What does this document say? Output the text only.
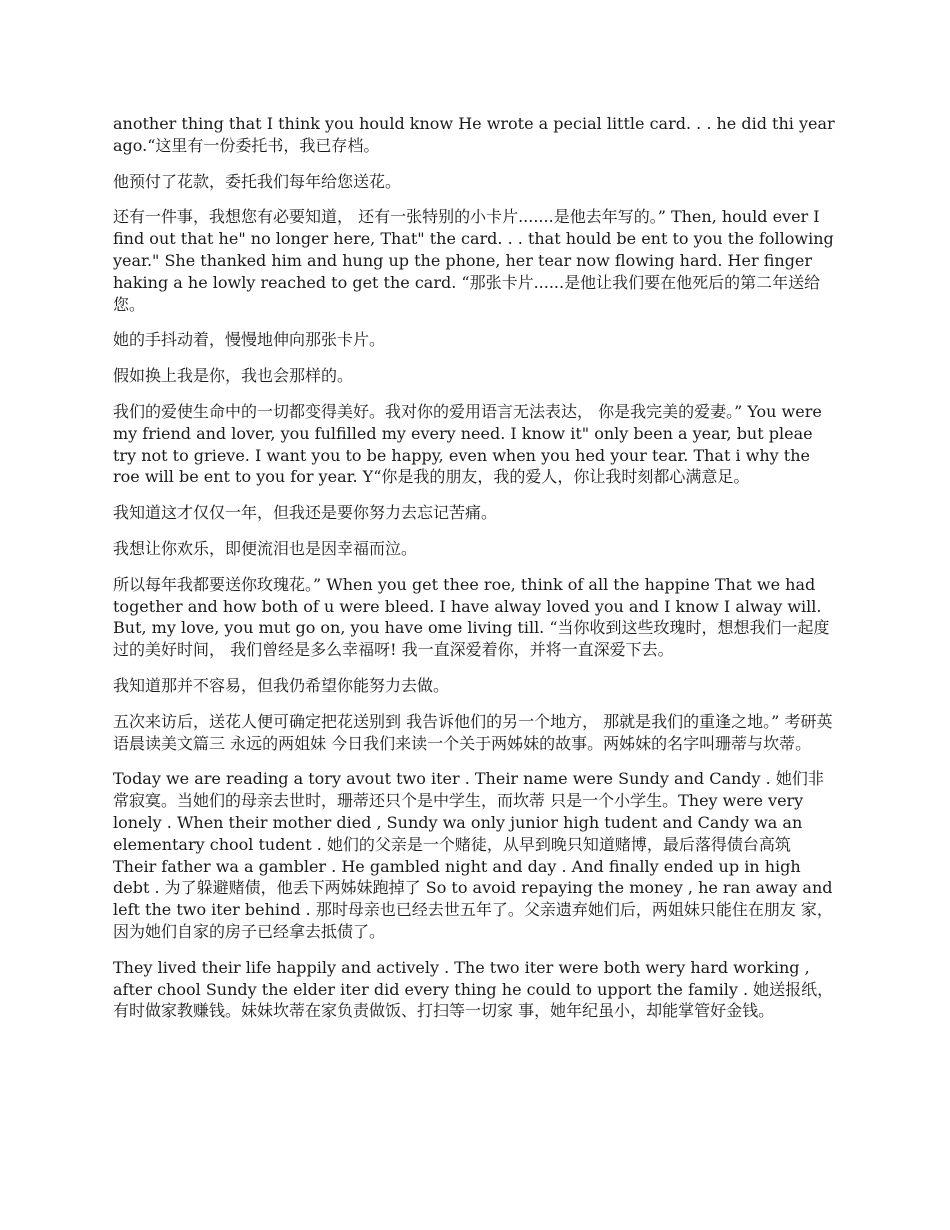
another thing that I think you hould know He wrote a pecial little card. . . he did thi year ago.“这里有一份委托书，我已存档。

他预付了花款，委托我们每年给您送花。

还有一件事，我想您有必要知道， 还有一张特别的小卡片.......是他去年写的。” Then, hould ever I find out that he" no longer here, That" the card. . . that hould be ent to you the following year." She thanked him and hung up the phone, her tear now flowing hard. Her finger haking a he lowly reached to get the card. “那张卡片......是他让我们要在他死后的第二年送给您。

她的手抖动着，慢慢地伸向那张卡片。

假如换上我是你，我也会那样的。

我们的爱使生命中的一切都变得美好。我对你的爱用语言无法表达， 你是我完美的爱妻。” You were my friend and lover, you fulfilled my every need. I know it" only been a year, but pleae try not to grieve. I want you to be happy, even when you hed your tear. That i why the roe will be ent to you for year. Y“你是我的朋友，我的爱人，你让我时刻都心满意足。

我知道这才仅仅一年，但我还是要你努力去忘记苦痛。

我想让你欢乐，即便流泪也是因幸福而泣。

所以每年我都要送你玫瑰花。” When you get thee roe, think of all the happine That we had together and how both of u were bleed. I have alway loved you and I know I alway will. But, my love, you mut go on, you have ome living till. “当你收到这些玫瑰时，想想我们一起度过的美好时间， 我们曾经是多么幸福呀! 我一直深爱着你，并将一直深爱下去。

我知道那并不容易，但我仍希望你能努力去做。

五次来访后，送花人便可确定把花送别到 我告诉他们的另一个地方， 那就是我们的重逢之地。” 考研英语晨读美文篇三 永远的两姐妹 今日我们来读一个关于两姊妹的故事。两姊妹的名字叫珊蒂与坎蒂。

Today we are reading a tory avout two iter . Their name were Sundy and Candy . 她们非常寂寞。当她们的母亲去世时，珊蒂还只个是中学生，而坎蒂 只是一个小学生。They were very lonely . When their mother died , Sundy wa only junior high tudent and Candy wa an elementary chool tudent . 她们的父亲是一个赌徒，从早到晚只知道赌博，最后落得债台高筑 Their father wa a gambler . He gambled night and day . And finally ended up in high debt . 为了躲避赌债，他丢下两姊妹跑掉了 So to avoid repaying the money , he ran away and left the two iter behind . 那时母亲也已经去世五年了。父亲遗弃她们后，两姐妹只能住在朋友 家，因为她们自家的房子已经拿去抵债了。

They lived their life happily and actively . The two iter were both wery hard working , after chool Sundy the elder iter did every thing he could to upport the family . 她送报纸，有时做家教赚钱。妹妹坎蒂在家负责做饭、打扫等一切家 事，她年纪虽小，却能掌管好金钱。
